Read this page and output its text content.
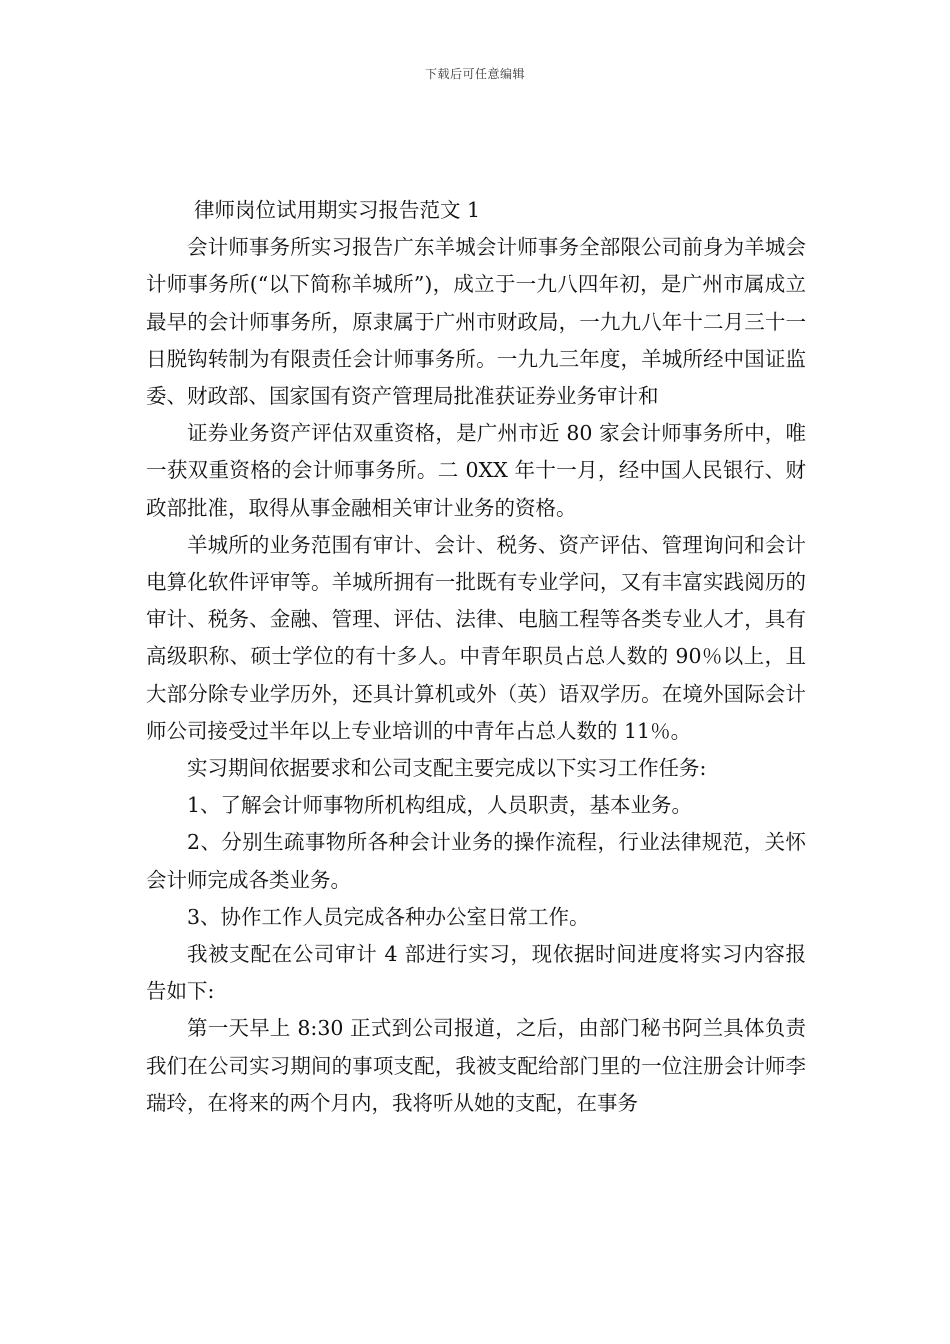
下载后可任意编辑
律师岗位试用期实习报告范文 1

会计师事务所实习报告广东羊城会计师事务全部限公司前身为羊城会计师事务所(“以下简称羊城所”)，成立于一九八四年初，是广州市属成立最早的会计师事务所，原隶属于广州市财政局，一九九八年十二月三十一日脱钩转制为有限责任会计师事务所。一九九三年度，羊城所经中国证监委、财政部、国家国有资产管理局批准获证券业务审计和

证券业务资产评估双重资格，是广州市近 80 家会计师事务所中，唯一获双重资格的会计师事务所。二 0XX 年十一月，经中国人民银行、财政部批准，取得从事金融相关审计业务的资格。

羊城所的业务范围有审计、会计、税务、资产评估、管理询问和会计电算化软件评审等。羊城所拥有一批既有专业学问，又有丰富实践阅历的审计、税务、金融、管理、评估、法律、电脑工程等各类专业人才，具有高级职称、硕士学位的有十多人。中青年职员占总人数的 90％以上，且大部分除专业学历外，还具计算机或外（英）语双学历。在境外国际会计师公司接受过半年以上专业培训的中青年占总人数的 11％。

实习期间依据要求和公司支配主要完成以下实习工作任务:

1、了解会计师事物所机构组成，人员职责，基本业务。

2、分别生疏事物所各种会计业务的操作流程，行业法律规范，关怀会计师完成各类业务。

3、协作工作人员完成各种办公室日常工作。

我被支配在公司审计 4 部进行实习，现依据时间进度将实习内容报告如下:

第一天早上 8:30 正式到公司报道，之后，由部门秘书阿兰具体负责我们在公司实习期间的事项支配，我被支配给部门里的一位注册会计师李瑞玲，在将来的两个月内，我将听从她的支配，在事务
